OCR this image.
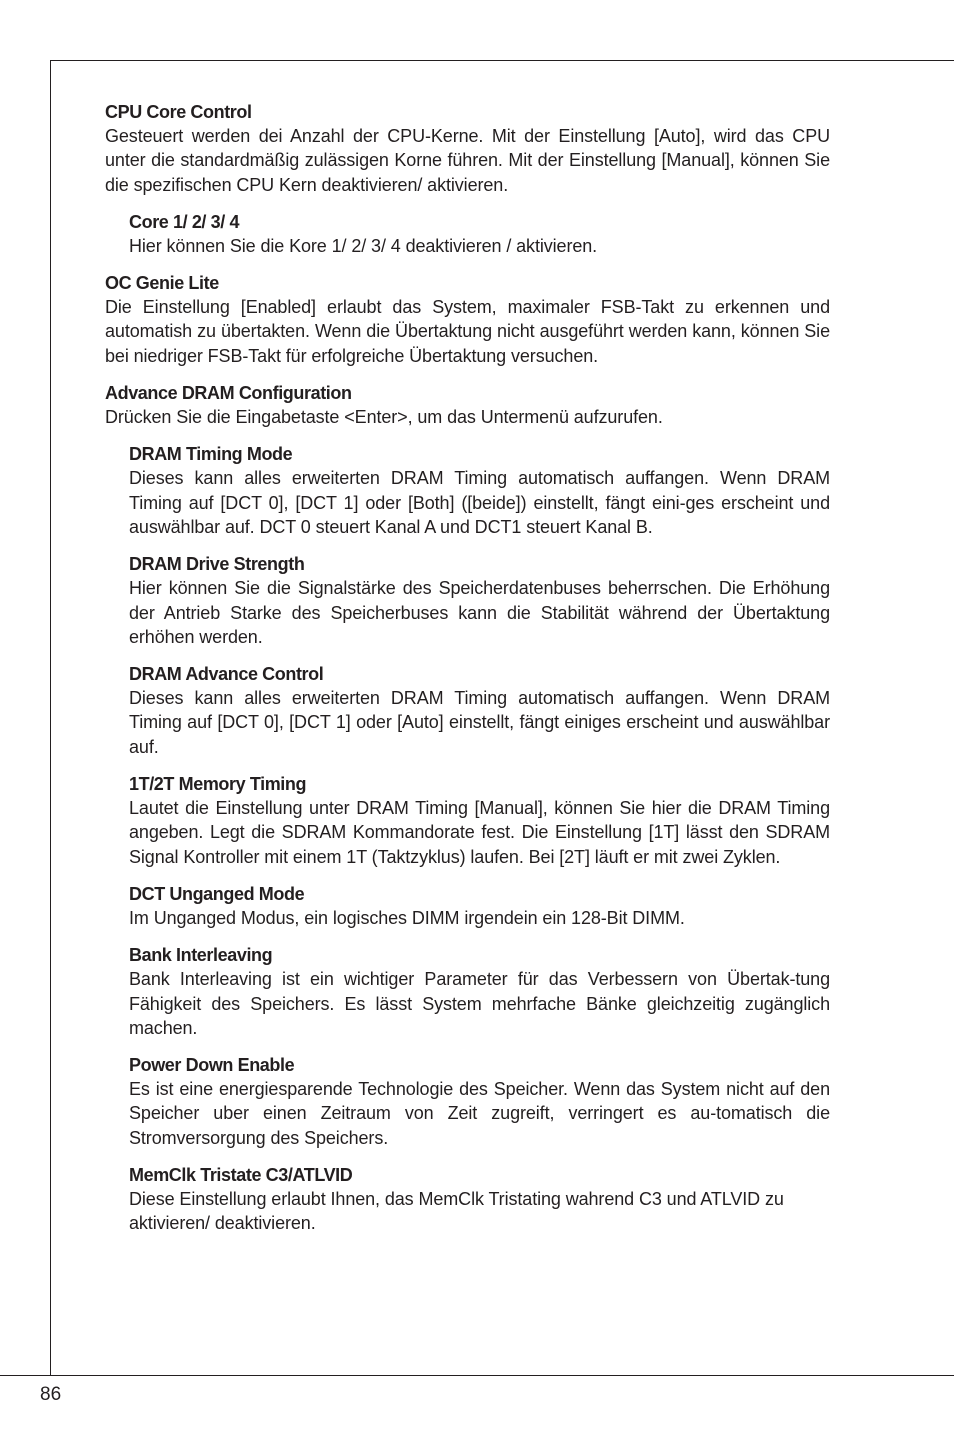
CPU Core Control
Gesteuert werden dei Anzahl der CPU-Kerne. Mit der Einstellung [Auto], wird das CPU unter die standardmäßig zulässigen Korne führen. Mit der Einstellung [Manual], können Sie die spezifischen CPU Kern deaktivieren/ aktivieren.
Core 1/ 2/ 3/ 4
Hier können Sie die Kore 1/ 2/ 3/ 4 deaktivieren / aktivieren.
OC Genie Lite
Die Einstellung [Enabled] erlaubt das System, maximaler FSB-Takt zu erkennen und automatish zu übertakten. Wenn die Übertaktung nicht ausgeführt werden kann, können Sie bei niedriger FSB-Takt für erfolgreiche Übertaktung versuchen.
Advance DRAM Configuration
Drücken Sie die Eingabetaste <Enter>, um das Untermenü aufzurufen.
DRAM Timing Mode
Dieses kann alles erweiterten DRAM Timing automatisch auffangen. Wenn DRAM Timing auf [DCT 0], [DCT 1] oder [Both] ([beide]) einstellt, fängt eini-ges erscheint und auswählbar auf. DCT 0 steuert Kanal A und DCT1 steuert Kanal B.
DRAM Drive Strength
Hier können Sie die Signalstärke des Speicherdatenbuses beherrschen. Die Erhöhung der Antrieb Starke des Speicherbuses kann die Stabilität während der Übertaktung erhöhen werden.
DRAM Advance Control
Dieses kann alles erweiterten DRAM Timing automatisch auffangen. Wenn DRAM Timing auf [DCT 0], [DCT 1] oder [Auto] einstellt, fängt einiges erscheint und auswählbar auf.
1T/2T Memory Timing
Lautet die Einstellung unter DRAM Timing [Manual], können Sie hier die DRAM Timing angeben. Legt die SDRAM Kommandorate fest. Die Einstellung [1T] lässt den SDRAM Signal Kontroller mit einem 1T (Taktzyklus) laufen. Bei [2T] läuft er mit zwei Zyklen.
DCT Unganged Mode
Im Unganged Modus, ein logisches DIMM irgendein ein 128-Bit DIMM.
Bank Interleaving
Bank Interleaving ist ein wichtiger Parameter für das Verbessern von Übertak-tung Fähigkeit des Speichers. Es lässt System mehrfache Bänke gleichzeitig zugänglich machen.
Power Down Enable
Es ist eine energiesparende Technologie des Speicher. Wenn das System nicht auf den Speicher uber einen Zeitraum von Zeit zugreift, verringert es au-tomatisch die Stromversorgung des Speichers.
MemClk Tristate C3/ATLVID
Diese Einstellung erlaubt Ihnen, das MemClk Tristating wahrend C3 und ATLVID zu aktivieren/ deaktivieren.
86
